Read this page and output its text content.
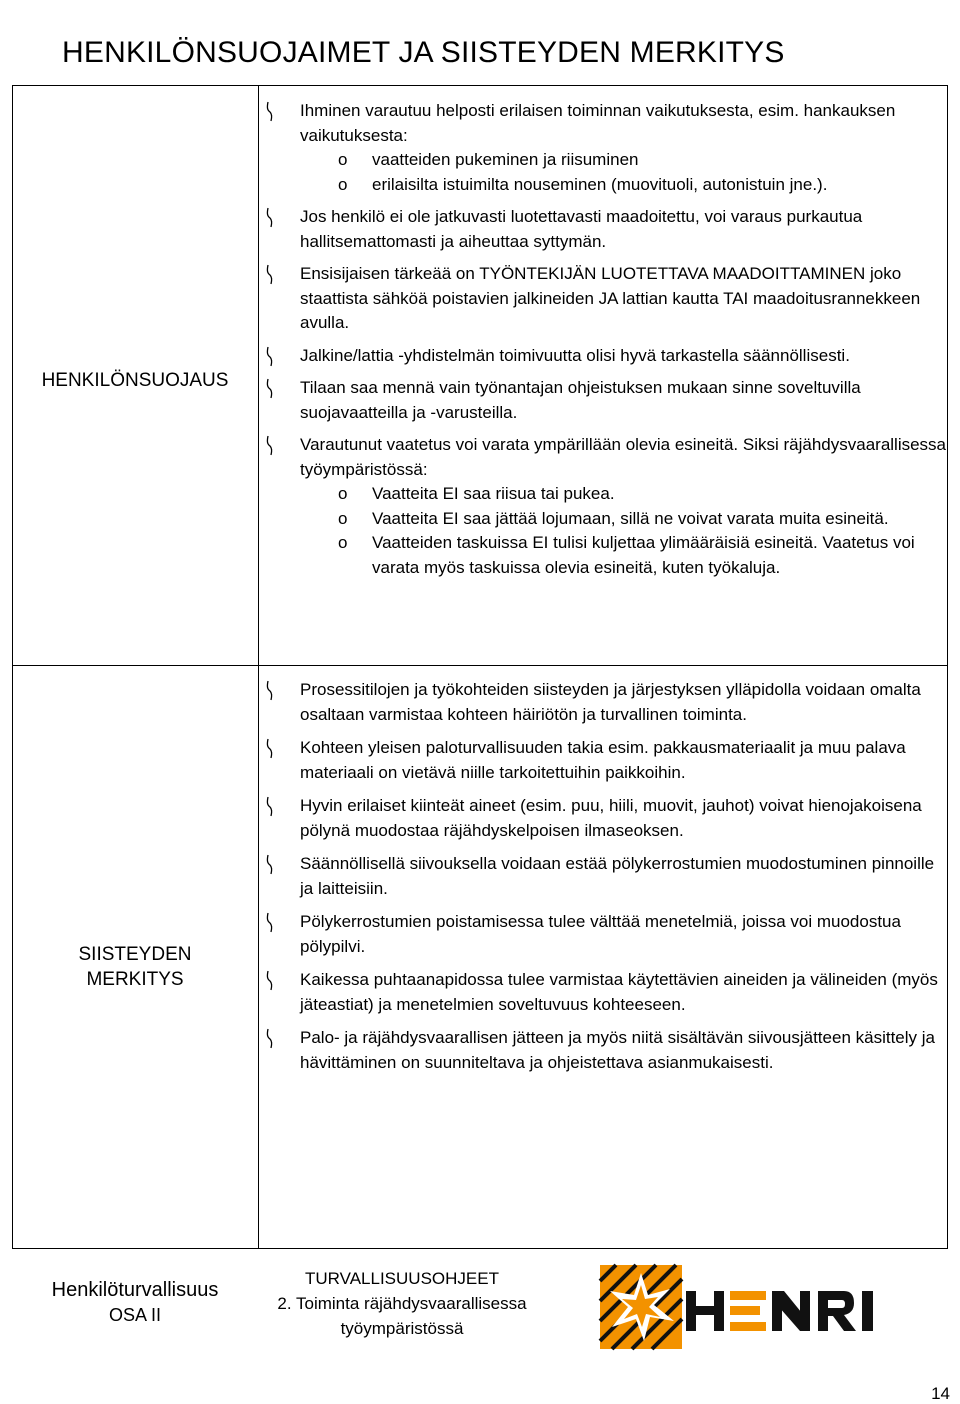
HENKILÖNSUOJAIMET JA SIISTEYDEN MERKITYS
HENKILÖNSUOJAUS
Ihminen varautuu helposti erilaisen toiminnan vaikutuksesta, esim. hankauksen vaikutuksesta:
o vaatteiden pukeminen ja riisuminen
o erilaisilta istuimilta nouseminen (muovituoli, autonistuin jne.).
Jos henkilö ei ole jatkuvasti luotettavasti maadoitettu, voi varaus purkautua hallitsemattomasti ja aiheuttaa syttymän.
Ensisijaisen tärkeää on TYÖNTEKIJÄN LUOTETTAVA MAADOITTAMINEN joko staattista sähköä poistavien jalkineiden JA lattian kautta TAI maadoitusrannekkeen avulla.
Jalkine/lattia -yhdistelmän toimivuutta olisi hyvä tarkastella säännöllisesti.
Tilaan saa mennä vain työnantajan ohjeistuksen mukaan sinne soveltuvilla suojavaatteilla ja -varusteilla.
Varautunut vaatetus voi varata ympärillään olevia esineitä. Siksi räjähdysvaarallisessa työympäristössä:
o Vaatteita EI saa riisua tai pukea.
o Vaatteita EI saa jättää lojumaan, sillä ne voivat varata muita esineitä.
o Vaatteiden taskuissa EI tulisi kuljettaa ylimääräisiä esineitä. Vaatetus voi varata myös taskuissa olevia esineitä, kuten työkaluja.
SIISTEYDEN
MERKITYS
Prosessitilojen ja työkohteiden siisteyden ja järjestyksen ylläpidolla voidaan omalta osaltaan varmistaa kohteen häiriötön ja turvallinen toiminta.
Kohteen yleisen paloturvallisuuden takia esim. pakkausmateriaalit ja muu palava materiaali on vietävä niille tarkoitettuihin paikkoihin.
Hyvin erilaiset kiinteät aineet (esim. puu, hiili, muovit, jauhot) voivat hienojakoisena pölynä muodostaa räjähdyskelpoisen ilmaseoksen.
Säännöllisellä siivouksella voidaan estää pölykerrostumien muodostuminen pinnoille ja laitteisiin.
Pölykerrostumien poistamisessa tulee välttää menetelmiä, joissa voi muodostua pölypilvi.
Kaikessa puhtaanapidossa tulee varmistaa käytettävien aineiden ja välineiden (myös jäteastiat) ja menetelmien soveltuvuus kohteeseen.
Palo- ja räjähdysvaarallisen jätteen ja myös niitä sisältävän siivousjätteen käsittely ja hävittäminen on suunniteltava ja ohjeistettava asianmukaisesti.
Henkilöturvallisuus
OSA II
TURVALLISUUSOHJEET
2. Toiminta räjähdysvaarallisessa työympäristössä
HENRI
14
